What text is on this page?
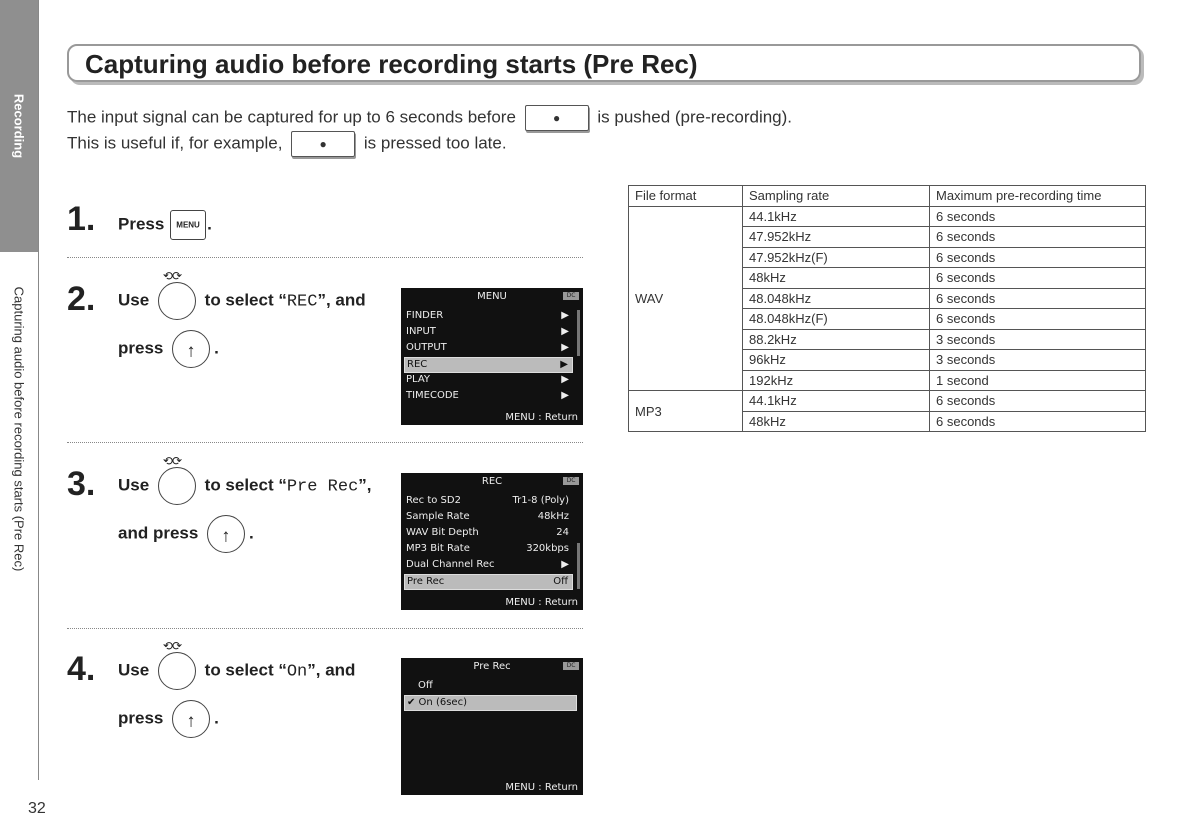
Recording
Capturing audio before recording starts (Pre Rec)
32
Capturing audio before recording starts (Pre Rec)
The input signal can be captured for up to 6 seconds before	● is pushed (pre-recording).
This is useful if, for example,	● is pressed too late.
1. Press MENU .
2. Use
⟲⟳
to select “REC”, and
press ↑ .
MENU	DC
FINDER	▶
INPUT	▶
OUTPUT	▶
REC	▶
PLAY	▶
TIMECODE	▶
MENU : Return
3. Use
⟲⟳
to select “Pre Rec”,
and press ↑ .
REC	DC
Rec to SD2	Tr1-8 (Poly)
Sample Rate	48kHz
WAV Bit Depth	24
MP3 Bit Rate	320kbps
Dual Channel Rec	▶
Pre Rec	Off
MENU : Return
4. Use
⟲⟳
to select “On”, and
press ↑ .
Pre Rec	DC
Off
✔ On (6sec)
MENU : Return
File format	Sampling rate	Maximum pre-recording time
WAV	44.1kHz	6 seconds
	47.952kHz	6 seconds
	47.952kHz(F)	6 seconds
	48kHz	6 seconds
	48.048kHz	6 seconds
	48.048kHz(F)	6 seconds
	88.2kHz	3 seconds
	96kHz	3 seconds
	192kHz	1 second
MP3	44.1kHz	6 seconds
	48kHz	6 seconds
